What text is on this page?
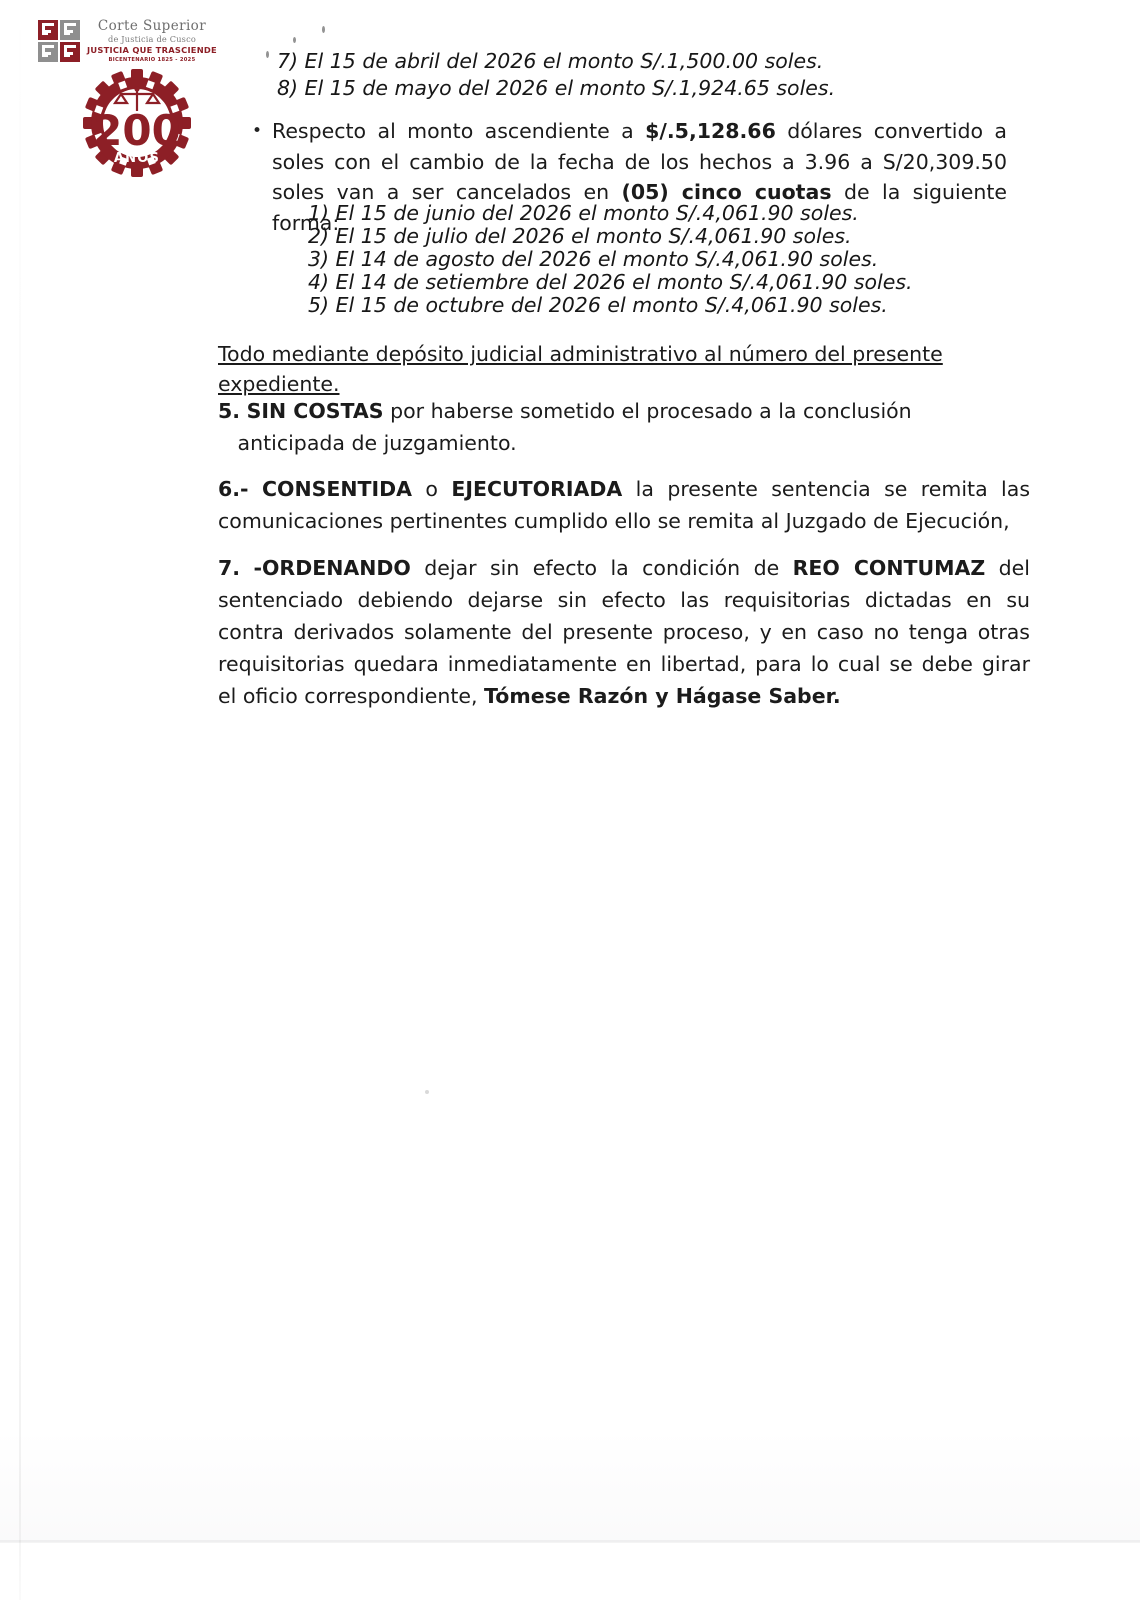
Corte Superior
de Justicia de Cusco
JUSTICIA QUE TRASCIENDE
BICENTENARIO 1825 - 2025
200
AÑOS
7) El 15 de abril del 2026 el monto S/.1,500.00 soles.
8) El 15 de mayo del 2026 el monto S/.1,924.65 soles.
• Respecto al monto ascendiente a $/.5,128.66 dólares convertido a soles con el cambio de la fecha de los hechos a 3.96 a S/20,309.50 soles van a ser cancelados en (05) cinco cuotas de la siguiente forma:
1) El 15 de junio del 2026 el monto S/.4,061.90 soles.
2) El 15 de julio del 2026 el monto S/.4,061.90 soles.
3) El 14 de agosto del 2026 el monto S/.4,061.90 soles.
4) El 14 de setiembre del 2026 el monto S/.4,061.90 soles.
5) El 15 de octubre del 2026 el monto S/.4,061.90 soles.
Todo mediante depósito judicial administrativo al número del presente expediente.
5. SIN COSTAS por haberse sometido el procesado a la conclusión   anticipada de juzgamiento.
6.- CONSENTIDA o EJECUTORIADA la presente sentencia se remita las comunicaciones pertinentes cumplido ello se remita al Juzgado de Ejecución,
7. -ORDENANDO dejar sin efecto la condición de REO CONTUMAZ del sentenciado debiendo dejarse sin efecto las requisitorias dictadas en su contra derivados solamente del presente proceso, y en caso no tenga otras requisitorias quedara inmediatamente en libertad, para lo cual se debe girar el oficio correspondiente, Tómese Razón y Hágase Saber.
